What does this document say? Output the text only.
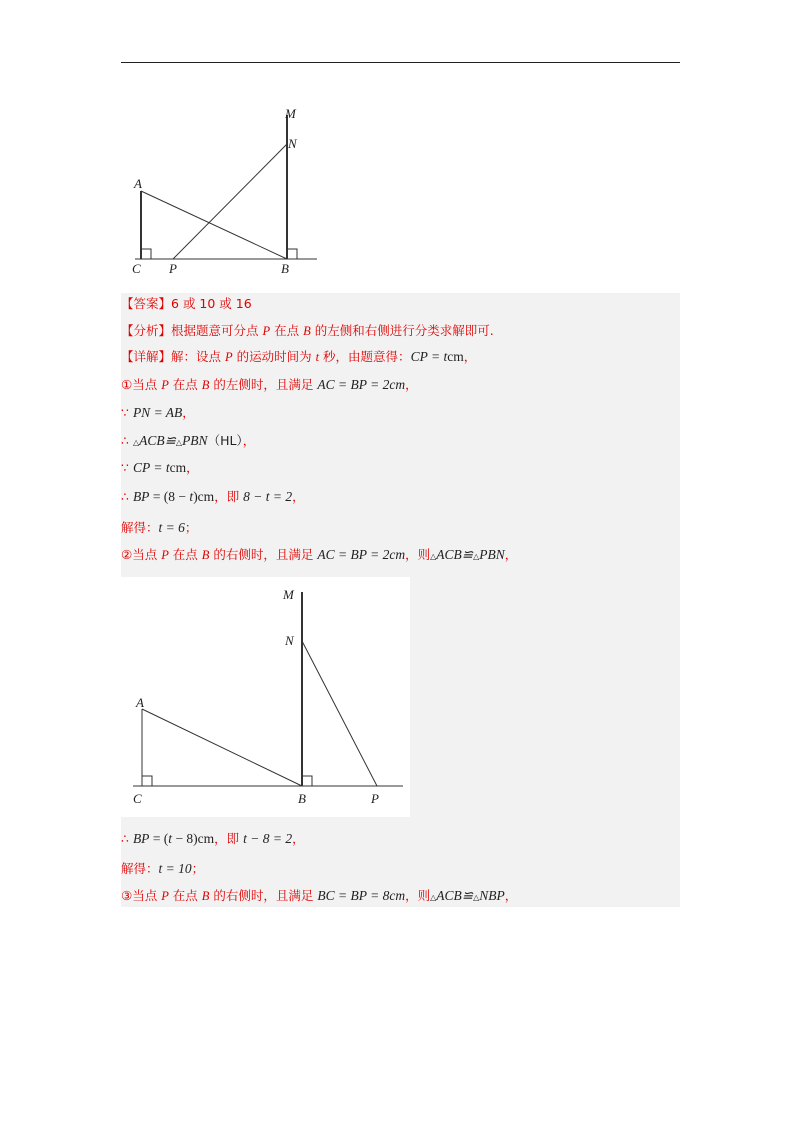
M
N
A
C P	B
【答案】6 或 10 或 16
【分析】根据题意可分点 P 在点 B 的左侧和右侧进行分类求解即可.
【详解】解：设点 P 的运动时间为 t 秒，由题意得：CP = tcm，
①当点 P 在点 B 的左侧时，且满足 AC = BP = 2cm，
∵ PN = AB，
∴ △ACB≌△PBN（HL），
∵ CP = tcm，
∴ BP = (8 − t)cm，即 8 − t = 2，
解得：t = 6；
②当点 P 在点 B 的右侧时，且满足 AC = BP = 2cm，则△ACB≌△PBN，
M
N
A
C	B	P
∴ BP = (t − 8)cm，即 t − 8 = 2，
解得：t = 10；
③当点 P 在点 B 的右侧时，且满足 BC = BP = 8cm，则△ACB≌△NBP，
